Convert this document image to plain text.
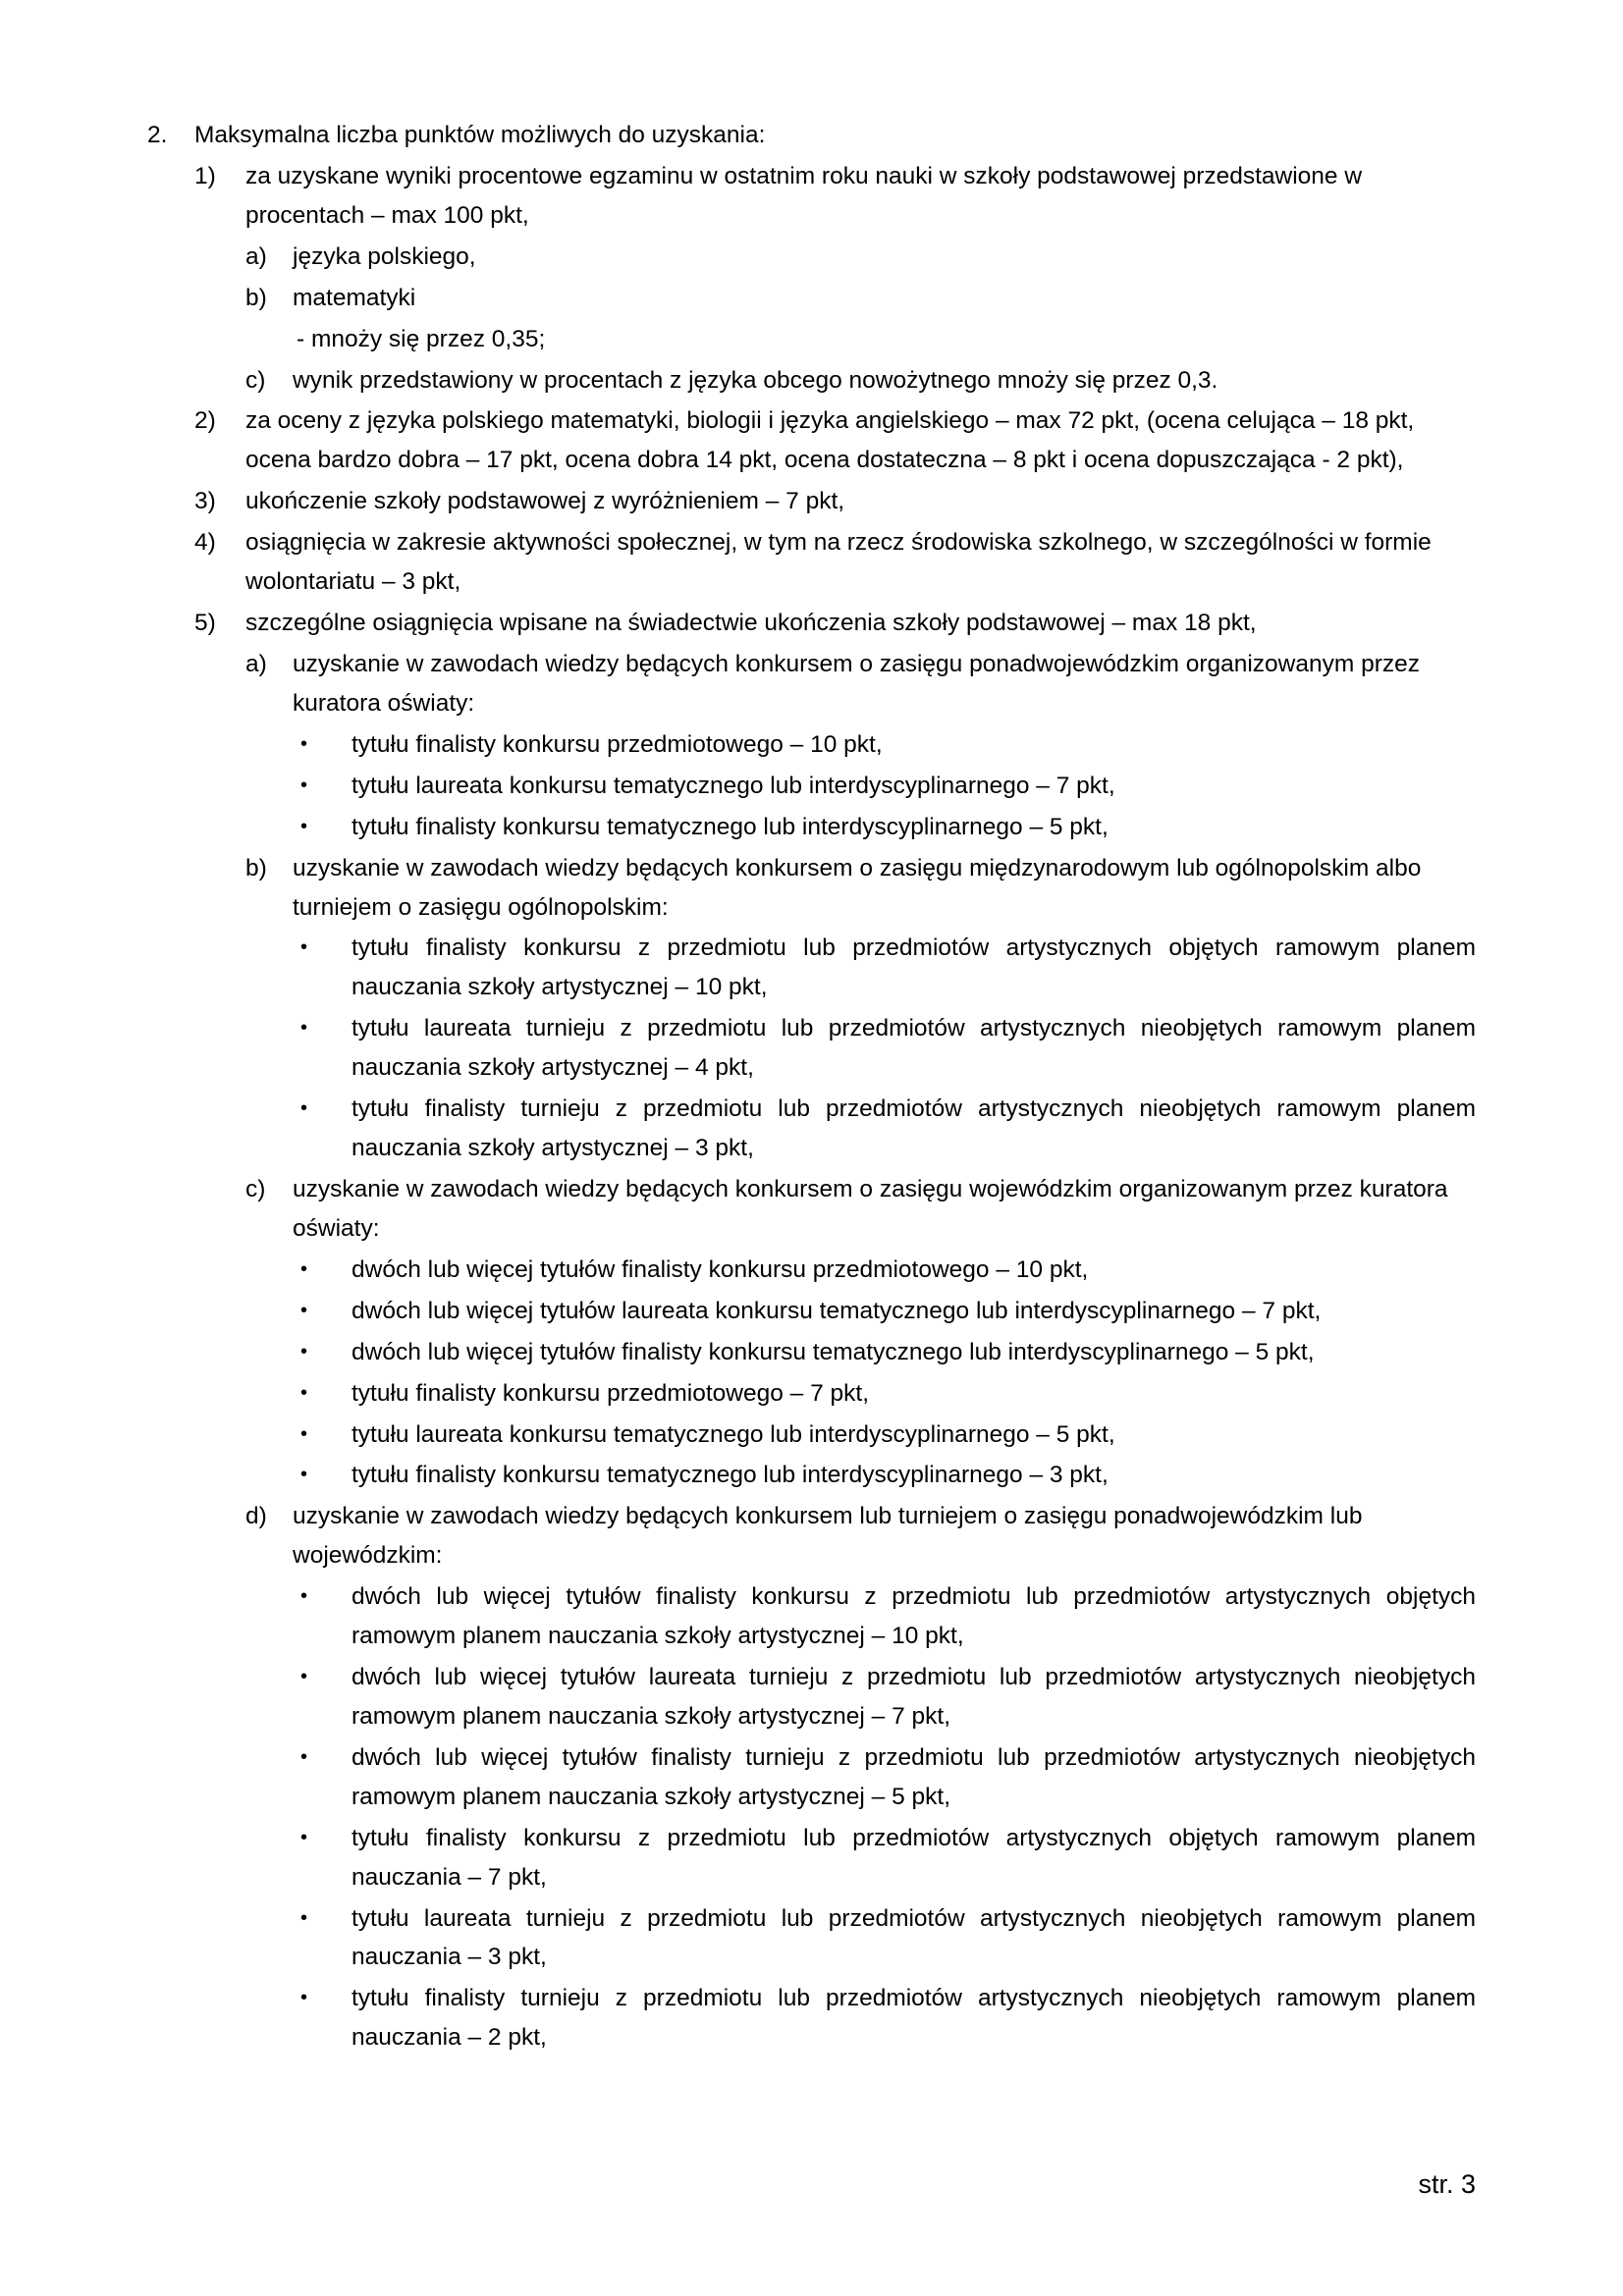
2.	Maksymalna liczba punktów możliwych do uzyskania:
1)	za uzyskane wyniki procentowe egzaminu w ostatnim roku nauki w szkoły podstawowej przedstawione w procentach – max 100 pkt,
a)	języka polskiego,
b)	matematyki
- mnoży się przez 0,35;
c)	wynik przedstawiony w procentach z języka obcego nowożytnego mnoży się przez 0,3.
2)	za oceny z języka polskiego matematyki, biologii i języka angielskiego – max 72 pkt, (ocena celująca – 18 pkt, ocena bardzo dobra – 17 pkt, ocena dobra 14 pkt, ocena dostateczna – 8 pkt i ocena dopuszczająca - 2 pkt),
3)	ukończenie szkoły podstawowej z wyróżnieniem – 7 pkt,
4)	osiągnięcia w zakresie aktywności społecznej, w tym na rzecz środowiska szkolnego, w szczególności w formie wolontariatu – 3 pkt,
5)	szczególne osiągnięcia wpisane na świadectwie ukończenia szkoły podstawowej – max 18 pkt,
a)	uzyskanie w zawodach wiedzy będących konkursem o zasięgu ponadwojewódzkim organizowanym przez kuratora oświaty:
•	tytułu finalisty konkursu przedmiotowego – 10 pkt,
•	tytułu laureata konkursu tematycznego lub interdyscyplinarnego – 7 pkt,
•	tytułu finalisty konkursu tematycznego lub interdyscyplinarnego – 5 pkt,
b)	uzyskanie w zawodach wiedzy będących konkursem o zasięgu międzynarodowym lub ogólnopolskim albo turniejem o zasięgu ogólnopolskim:
•	tytułu finalisty konkursu z przedmiotu lub przedmiotów artystycznych objętych ramowym planem nauczania szkoły artystycznej – 10 pkt,
•	tytułu laureata turnieju z przedmiotu lub przedmiotów artystycznych nieobjętych ramowym planem nauczania szkoły artystycznej – 4 pkt,
•	tytułu finalisty turnieju z przedmiotu lub przedmiotów artystycznych nieobjętych ramowym planem nauczania szkoły artystycznej – 3 pkt,
c)	uzyskanie w zawodach wiedzy będących konkursem o zasięgu wojewódzkim organizowanym przez kuratora oświaty:
•	dwóch lub więcej tytułów finalisty konkursu przedmiotowego – 10 pkt,
•	dwóch lub więcej tytułów laureata konkursu tematycznego lub interdyscyplinarnego – 7 pkt,
•	dwóch lub więcej tytułów finalisty konkursu tematycznego lub interdyscyplinarnego – 5 pkt,
•	tytułu finalisty konkursu przedmiotowego – 7 pkt,
•	tytułu laureata konkursu tematycznego lub interdyscyplinarnego – 5 pkt,
•	tytułu finalisty konkursu tematycznego lub interdyscyplinarnego – 3 pkt,
d)	uzyskanie w zawodach wiedzy będących konkursem lub turniejem o zasięgu ponadwojewódzkim lub wojewódzkim:
•	dwóch lub więcej tytułów finalisty konkursu z przedmiotu lub przedmiotów artystycznych objętych ramowym planem nauczania szkoły artystycznej – 10 pkt,
•	dwóch lub więcej tytułów laureata turnieju z przedmiotu lub przedmiotów artystycznych nieobjętych ramowym planem nauczania szkoły artystycznej – 7 pkt,
•	dwóch lub więcej tytułów finalisty turnieju z przedmiotu lub przedmiotów artystycznych nieobjętych ramowym planem nauczania szkoły artystycznej – 5 pkt,
•	tytułu finalisty konkursu z przedmiotu lub przedmiotów artystycznych objętych ramowym planem nauczania – 7 pkt,
•	tytułu laureata turnieju z przedmiotu lub przedmiotów artystycznych nieobjętych ramowym planem nauczania – 3 pkt,
•	tytułu finalisty turnieju z przedmiotu lub przedmiotów artystycznych nieobjętych ramowym planem nauczania – 2 pkt,
str. 3
